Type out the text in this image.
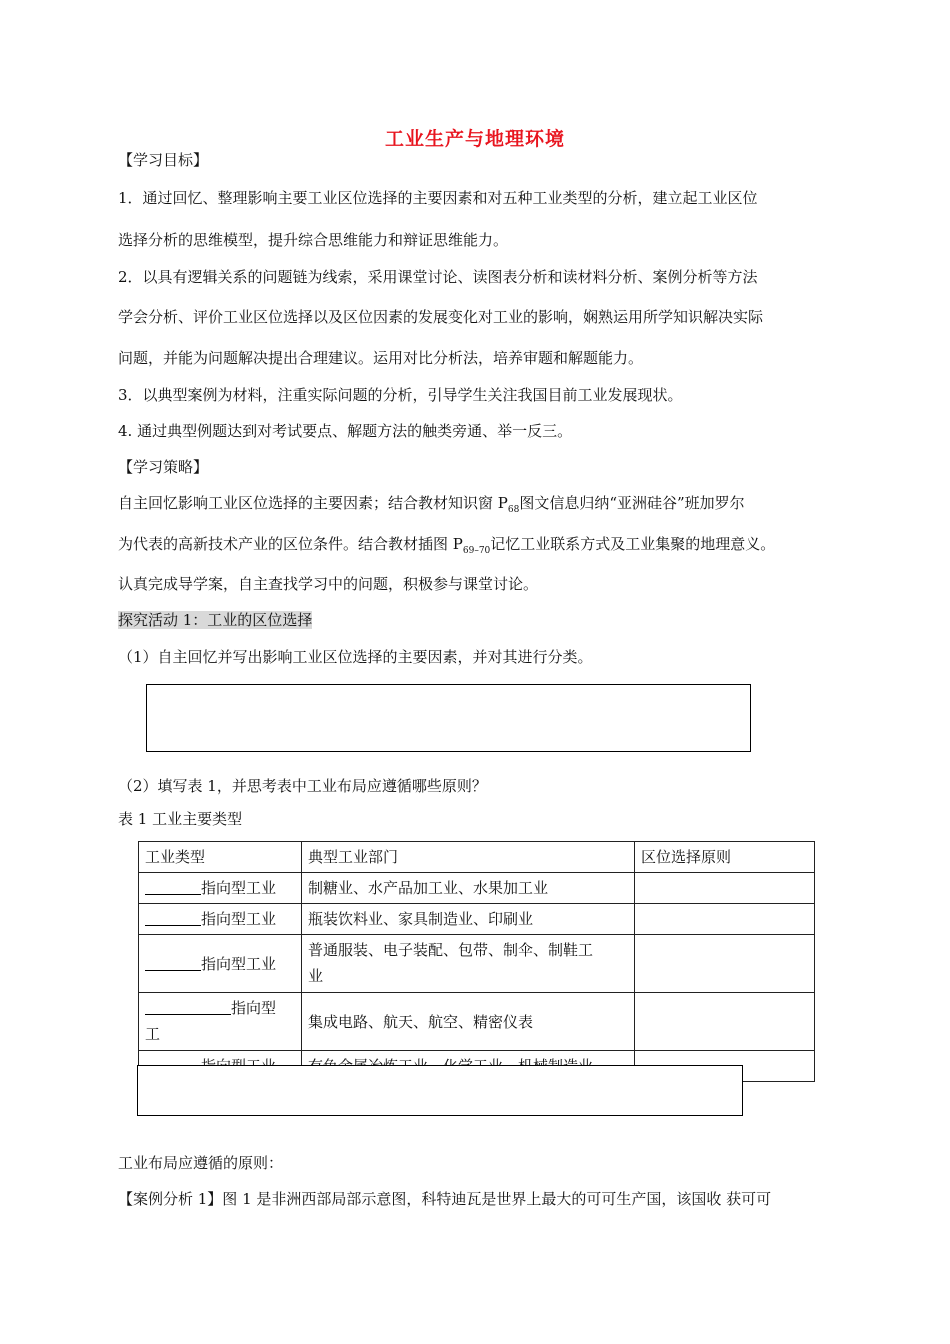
工业生产与地理环境
【学习目标】
1．通过回忆、整理影响主要工业区位选择的主要因素和对五种工业类型的分析，建立起工业区位
选择分析的思维模型，提升综合思维能力和辩证思维能力。
2．以具有逻辑关系的问题链为线索，采用课堂讨论、读图表分析和读材料分析、案例分析等方法
学会分析、评价工业区位选择以及区位因素的发展变化对工业的影响，娴熟运用所学知识解决实际
问题，并能为问题解决提出合理建议。运用对比分析法，培养审题和解题能力。
3．以典型案例为材料，注重实际问题的分析，引导学生关注我国目前工业发展现状。
4. 通过典型例题达到对考试要点、解题方法的触类旁通、举一反三。
【学习策略】
自主回忆影响工业区位选择的主要因素；结合教材知识窗 $P_{68}$图文信息归纳“亚洲硅谷”班加罗尔
为代表的高新技术产业的区位条件。结合教材插图 $P_{69-70}$记忆工业联系方式及工业集聚的地理意义。
认真完成导学案，自主查找学习中的问题，积极参与课堂讨论。
探究活动 1：工业的区位选择
（1）自主回忆并写出影响工业区位选择的主要因素，并对其进行分类。
（2）填写表 1，并思考表中工业布局应遵循哪些原则？
表 1 工业主要类型
工业类型	典型工业部门	区位选择原则
指向型工业	制糖业、水产品加工业、水果加工业	
指向型工业	瓶装饮料业、家具制造业、印刷业	
指向型工业	普通服装、电子装配、包带、制伞、制鞋工
业	
指向型
工	集成电路、航天、航空、精密仪表	

工业布局应遵循的原则：
【案例分析 1】图 1 是非洲西部局部示意图，科特迪瓦是世界上最大的可可生产国，该国收 获可可
